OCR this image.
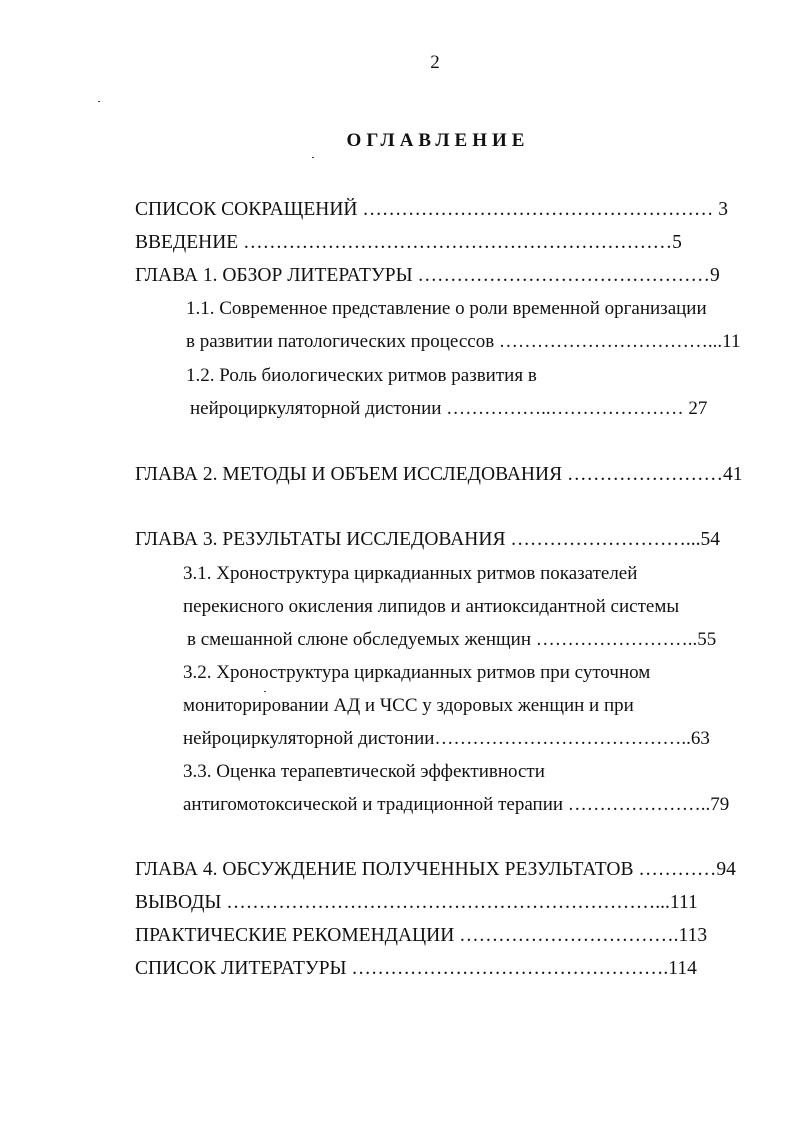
2
ОГЛАВЛЕНИЕ
СПИСОК СОКРАЩЕНИЙ ……………………………………………… 3
ВВЕДЕНИЕ …………………………………………………………5
ГЛАВА 1. ОБЗОР ЛИТЕРАТУРЫ ………………………………………9
1.1. Современное представление о роли временной организации
в развитии патологических процессов ……………………………...11
1.2. Роль биологических ритмов развития в
нейроциркуляторной дистонии ……………..………………… 27
ГЛАВА 2. МЕТОДЫ И ОБЪЕМ ИССЛЕДОВАНИЯ ……………………41
ГЛАВА 3. РЕЗУЛЬТАТЫ ИССЛЕДОВАНИЯ ………………………...54
3.1. Хроноструктура циркадианных ритмов показателей
перекисного окисления липидов и антиоксидантной системы
в смешанной слюне обследуемых женщин ……………………..55
3.2. Хроноструктура циркадианных ритмов при суточном
мониторировании АД и ЧСС у здоровых женщин и при
нейроциркуляторной дистонии…………………………………..63
3.3. Оценка терапевтической эффективности
антигомотоксической и традиционной терапии …………………..79
ГЛАВА 4. ОБСУЖДЕНИЕ ПОЛУЧЕННЫХ РЕЗУЛЬТАТОВ …………94
ВЫВОДЫ …………………………………………………………...111
ПРАКТИЧЕСКИЕ РЕКОМЕНДАЦИИ …………………………….113
СПИСОК ЛИТЕРАТУРЫ ………………………………………….114
